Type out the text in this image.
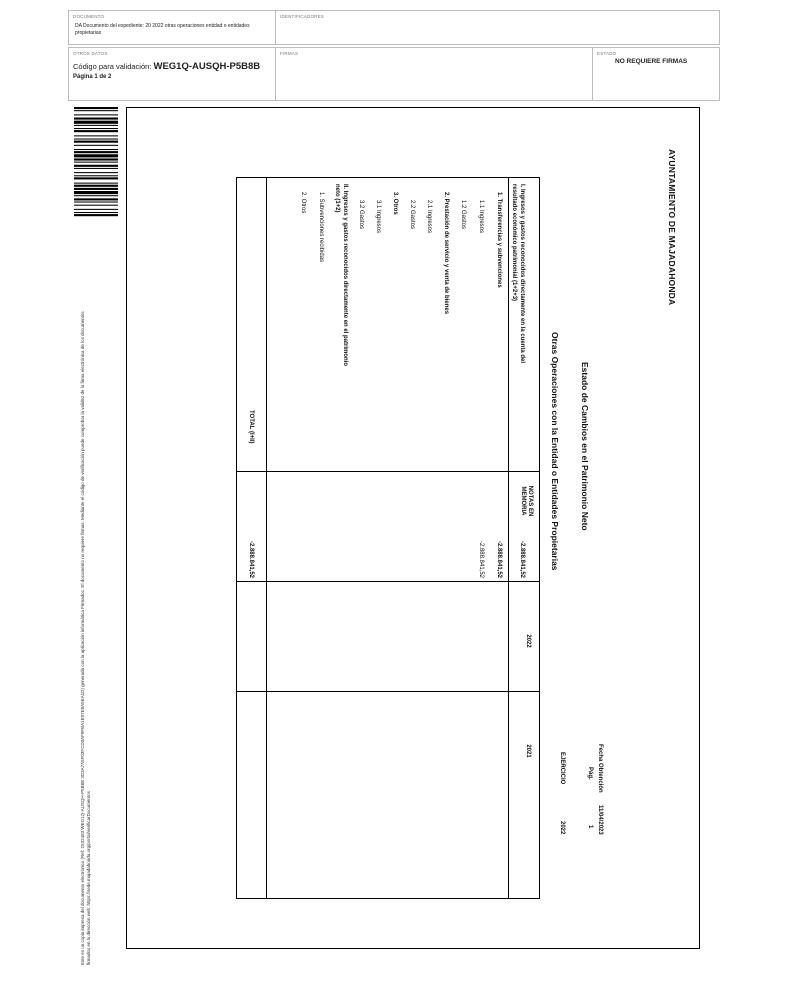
DOCUMENTO
DA Documento del expediente: 20 2022 otras operaciones entidad o entidades propietarias
IDENTIFICADORES
OTROS DATOS
Código para validación: WEG1Q-AUSQH-P5B8B
Página 1 de 2
FIRMAS	ESTADO
NO REQUIERE FIRMAS
Este es un copia impresa del documento electrónico (Ref: 2532483 WEG1Q-AUSQH-P5B8B 3D3A7A5F03FCD0AF9FBA1E97E8A5EA1D) generada con la aplicación informática Firmadoc. El documento no requiere firmas. Mediante el código de verificación puede comprobar la validez de la firma electrónica de los documentos firmados en la dirección web: https://sede.majadahonda.org/portal/verificarDocumentos
AYUNTAMIENTO DE MAJADAHONDA
Estado de Cambios en el Patrimonio Neto
Otras Operaciones con la Entidad o Entidades Propietarias
Fecha Obtención
11/04/2023
Pág.
1
EJERCICIO
2022
NOTAS EN MEMORIA
2022
2021
I. Ingresos y gastos reconocidos directamente en la cuenta del
-2.888.841,52
resultado económico patrimonial (1+2+3)
1. Transferencias y subvenciones
-2.888.841,52
1.1 Ingresos
-2.888.841,52
1.2 Gastos
2. Prestación de servicio y venta de bienes
2.1 Ingresos
2.2 Gastos
3. Otros
3.1 Ingresos
3.2 Gastos
II. Ingresos y gastos reconocidos directamente en el patrimonio
neto (1+2)
1. Subvenciones recibidas
2. Otros
TOTAL (I+II)
-2.888.841,52
